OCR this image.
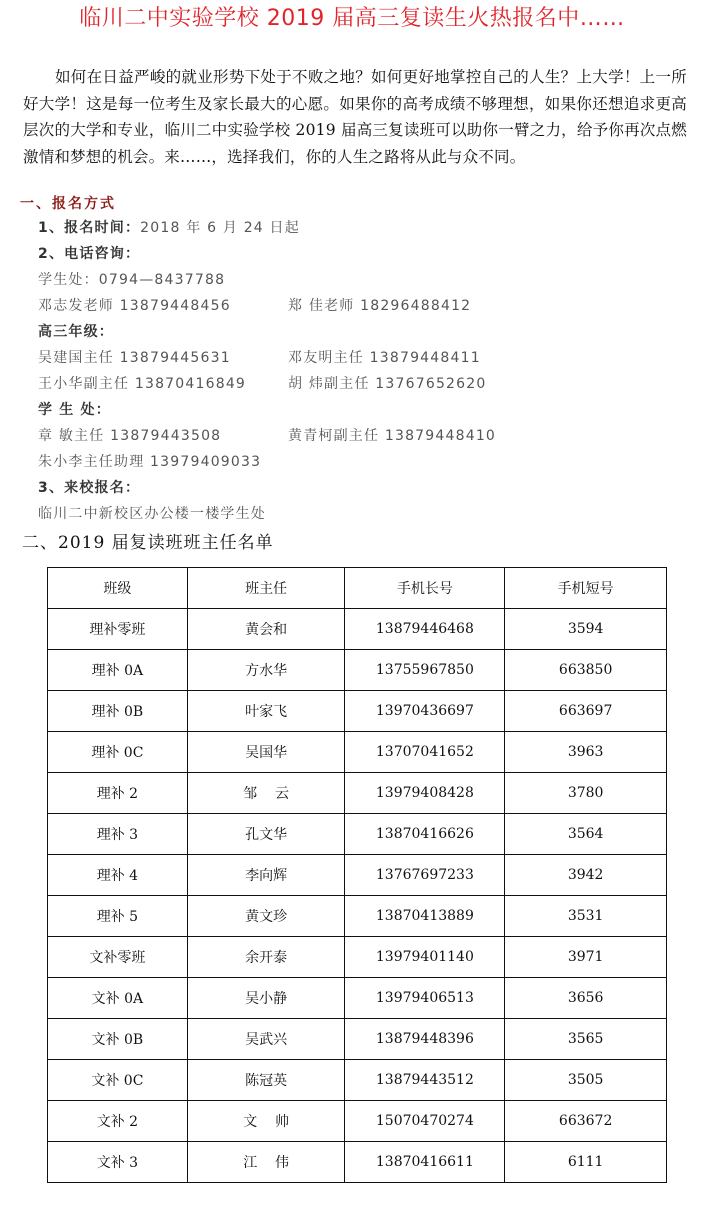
临川二中实验学校 2019 届高三复读生火热报名中……

如何在日益严峻的就业形势下处于不败之地？如何更好地掌控自己的人生？上大学！上一所好大学！这是每一位考生及家长最大的心愿。如果你的高考成绩不够理想，如果你还想追求更高层次的大学和专业，临川二中实验学校 2019 届高三复读班可以助你一臂之力，给予你再次点燃激情和梦想的机会。来……，选择我们，你的人生之路将从此与众不同。

一、报名方式
1、报名时间：2018 年 6 月 24 日起
2、电话咨询：
学生处：0794—8437788
邓志发老师 13879448456	郑 佳老师 18296488412
高三年级：
吴建国主任 13879445631	邓友明主任 13879448411
王小华副主任 13870416849	胡 炜副主任 13767652620
学 生 处：
章 敏主任 13879443508	黄青柯副主任 13879448410
朱小李主任助理 13979409033
3、来校报名：
临川二中新校区办公楼一楼学生处
二、2019 届复读班班主任名单
班级	班主任	手机长号	手机短号
理补零班	黄会和	13879446468	3594
理补 0A	方水华	13755967850	663850
理补 0B	叶家飞	13970436697	663697
理补 0C	吴国华	13707041652	3963
理补 2	邹    云	13979408428	3780
理补 3	孔文华	13870416626	3564
理补 4	李向辉	13767697233	3942
理补 5	黄文珍	13870413889	3531
文补零班	余开泰	13979401140	3971
文补 0A	吴小静	13979406513	3656
文补 0B	吴武兴	13879448396	3565
文补 0C	陈冠英	13879443512	3505
文补 2	文    帅	15070470274	663672
文补 3	江    伟	13870416611	6111
